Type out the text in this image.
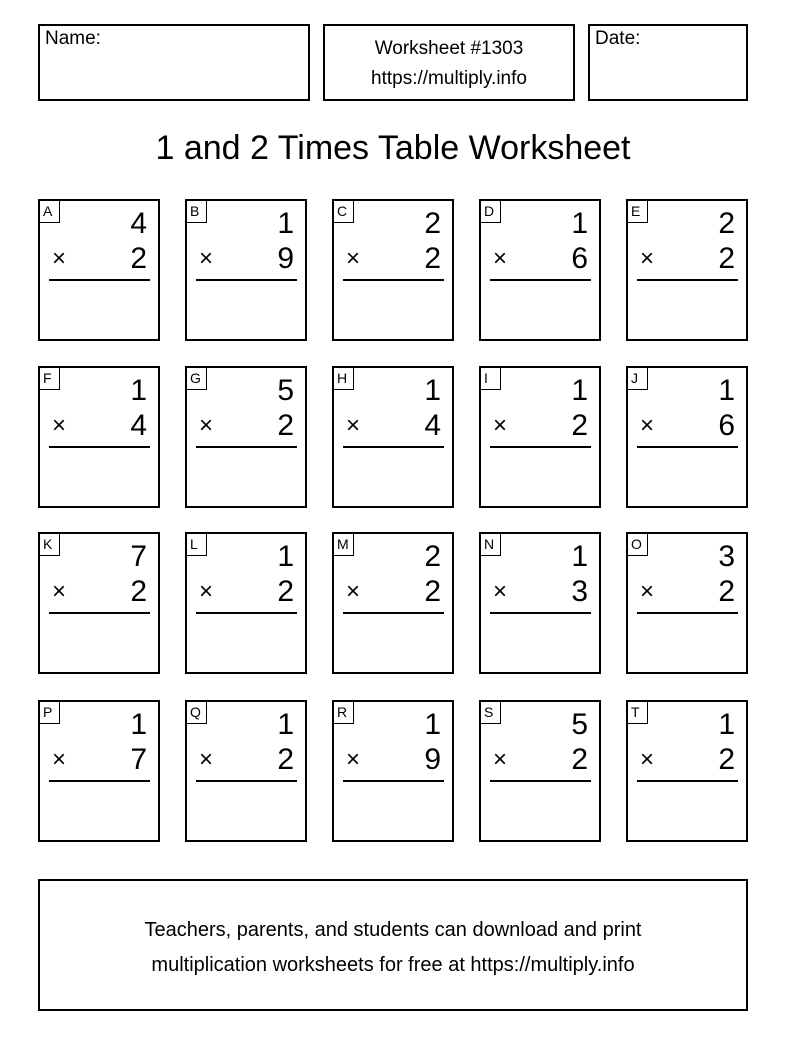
Name:	Worksheet #1303
https://multiply.info
Date:
1 and 2 Times Table Worksheet
A	4
× 2
B	1
× 9
C	2
× 2
D	1
× 6
E	2
× 2
F	1
× 4
G	5
× 2
H	1
× 4
I	1
× 2
J	1
× 6
K	7
× 2
L	1
× 2
M	2
× 2
N	1
× 3
O	3
× 2
P	1
× 7
Q	1
× 2
R	1
× 9
S	5
× 2
T	1
× 2
Teachers, parents, and students can download and print
multiplication worksheets for free at https://multiply.info
